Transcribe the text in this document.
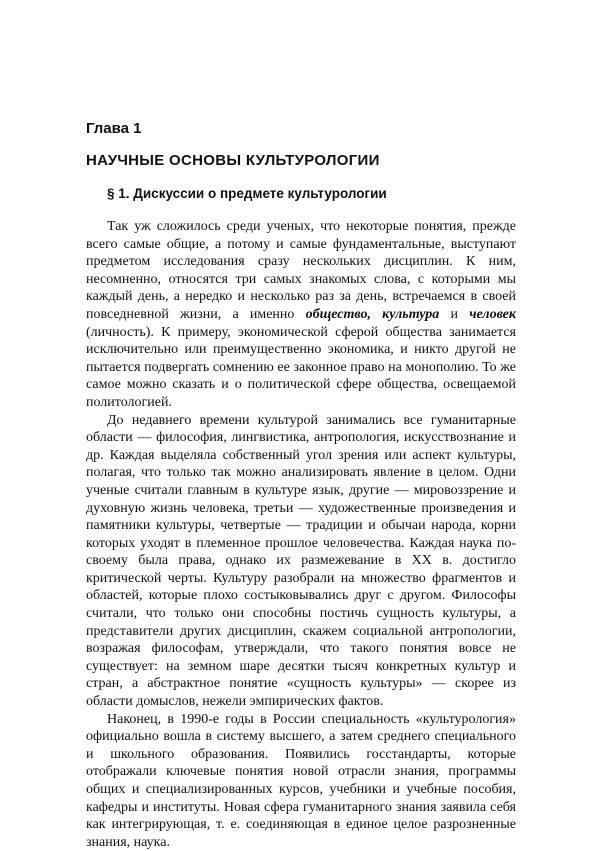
Глава 1
НАУЧНЫЕ ОСНОВЫ КУЛЬТУРОЛОГИИ
§ 1. Дискуссии о предмете культурологии

Так уж сложилось среди ученых, что некоторые понятия, прежде всего самые общие, а потому и самые фундаментальные, выступают предметом исследования сразу нескольких дисциплин. К ним, несомненно, относятся три самых знакомых слова, с которыми мы каждый день, а нередко и несколько раз за день, встречаемся в своей повседневной жизни, а именно общество, культура и человек (личность). К примеру, экономической сферой общества занимается исключительно или преимущественно экономика, и никто другой не пытается подвергать сомнению ее законное право на монополию. То же самое можно сказать и о политической сфере общества, освещаемой политологией.

До недавнего времени культурой занимались все гуманитарные области — философия, лингвистика, антропология, искусствознание и др. Каждая выделяла собственный угол зрения или аспект культуры, полагая, что только так можно анализировать явление в целом. Одни ученые считали главным в культуре язык, другие — мировоззрение и духовную жизнь человека, третьи — художественные произведения и памятники культуры, четвертые — традиции и обычаи народа, корни которых уходят в племенное прошлое человечества. Каждая наука по-своему была права, однако их размежевание в XX в. достигло критической черты. Культуру разобрали на множество фрагментов и областей, которые плохо состыковывались друг с другом. Философы считали, что только они способны постичь сущность культуры, а представители других дисциплин, скажем социальной антропологии, возражая философам, утверждали, что такого понятия вовсе не существует: на земном шаре десятки тысяч конкретных культур и стран, а абстрактное понятие «сущность культуры» — скорее из области домыслов, нежели эмпирических фактов.

Наконец, в 1990-е годы в России специальность «культурология» официально вошла в систему высшего, а затем среднего специального и школьного образования. Появились госстандарты, которые отображали ключевые понятия новой отрасли знания, программы общих и специализированных курсов, учебники и учебные пособия, кафедры и институты. Новая сфера гуманитарного знания заявила себя как интегрирующая, т. е. соединяющая в единое целое разрозненные знания, наука.
